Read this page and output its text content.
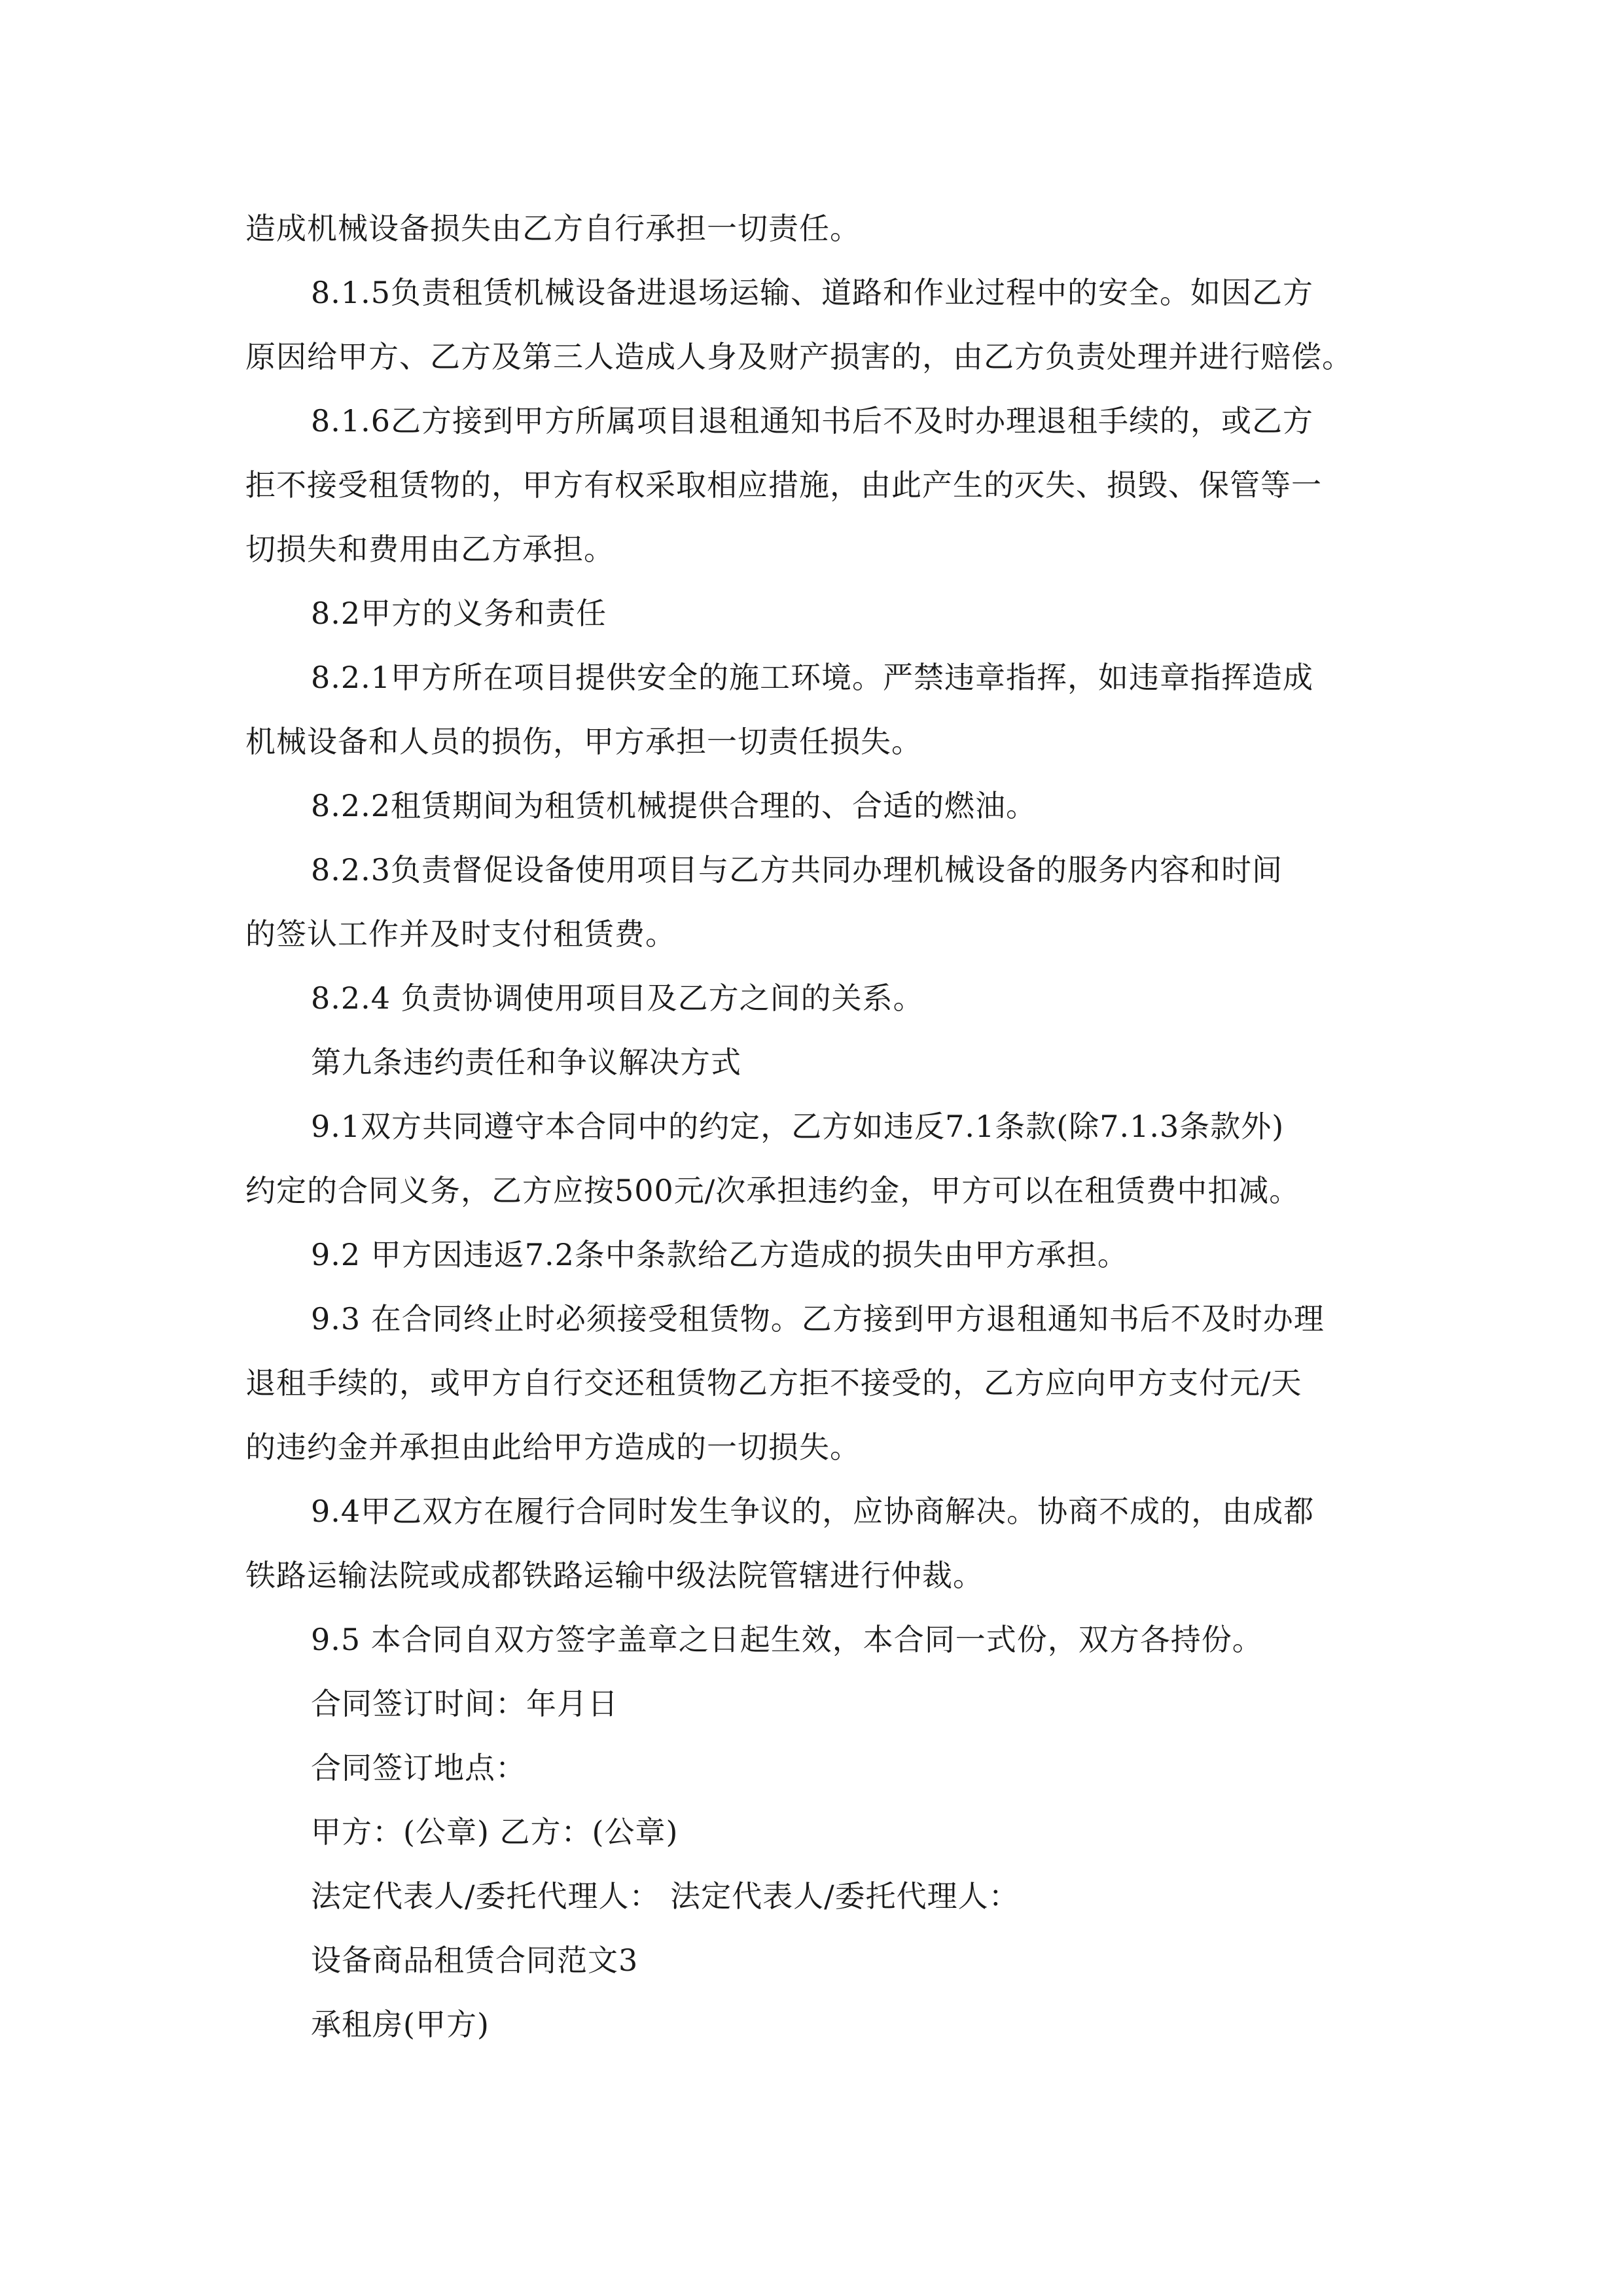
造成机械设备损失由乙方自行承担一切责任。

8.1.5负责租赁机械设备进退场运输、道路和作业过程中的安全。如因乙方

原因给甲方、乙方及第三人造成人身及财产损害的，由乙方负责处理并进行赔偿。

8.1.6乙方接到甲方所属项目退租通知书后不及时办理退租手续的，或乙方

拒不接受租赁物的，甲方有权采取相应措施，由此产生的灭失、损毁、保管等一

切损失和费用由乙方承担。

8.2甲方的义务和责任

8.2.1甲方所在项目提供安全的施工环境。严禁违章指挥，如违章指挥造成

机械设备和人员的损伤，甲方承担一切责任损失。

8.2.2租赁期间为租赁机械提供合理的、合适的燃油。

8.2.3负责督促设备使用项目与乙方共同办理机械设备的服务内容和时间

的签认工作并及时支付租赁费。

8.2.4 负责协调使用项目及乙方之间的关系。

第九条违约责任和争议解决方式

9.1双方共同遵守本合同中的约定，乙方如违反7.1条款(除7.1.3条款外)

约定的合同义务，乙方应按500元/次承担违约金，甲方可以在租赁费中扣减。

9.2 甲方因违返7.2条中条款给乙方造成的损失由甲方承担。

9.3 在合同终止时必须接受租赁物。乙方接到甲方退租通知书后不及时办理

退租手续的，或甲方自行交还租赁物乙方拒不接受的，乙方应向甲方支付元/天

的违约金并承担由此给甲方造成的一切损失。

9.4甲乙双方在履行合同时发生争议的，应协商解决。协商不成的，由成都

铁路运输法院或成都铁路运输中级法院管辖进行仲裁。

9.5 本合同自双方签字盖章之日起生效，本合同一式份，双方各持份。

合同签订时间：年月日

合同签订地点：

甲方：(公章) 乙方：(公章)

法定代表人/委托代理人： 法定代表人/委托代理人：

设备商品租赁合同范文3

承租房(甲方)
